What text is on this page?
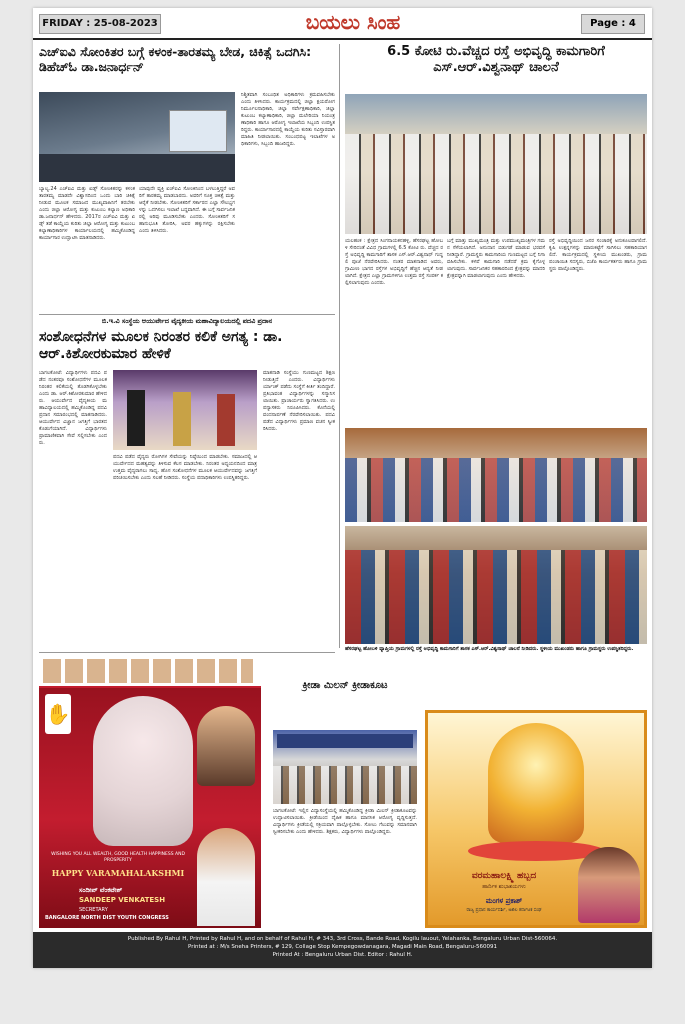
FRIDAY : 25-08-2023	ಬಯಲು ಸಿಂಹ	Page : 4
ಎಚ್‌ಐವಿ ಸೋಂಕಿತರ ಬಗ್ಗೆ ಕಳಂಕ-ತಾರತಮ್ಯ ಬೇಡ, ಚಿಕಿತ್ಸೆ ಒದಗಿಸಿ: ಡಿಹೆಚ್‌ಓ ಡಾ.ಜನಾರ್ಧನ್
ನಿಶ್ಚಿತವಾಗಿ ಸಂಬಂಧಿತ ಅಧಿಕಾರಿಗಳು ಕ್ರಮವಹಿಸಬೇಕು ಎಂದು ತಿಳಿಸಿದರು. ಕಾರ್ಯಕ್ರಮದಲ್ಲಿ ಜಿಲ್ಲಾ ಕ್ಷಯರೋಗ ನಿರ್ಮೂಲನಾಧಿಕಾರಿ, ಜಿಲ್ಲಾ ಸರ್ವೇಕ್ಷಣಾಧಿಕಾರಿ, ಜಿಲ್ಲಾ ಕುಟುಂಬ ಕಲ್ಯಾಣಾಧಿಕಾರಿ, ಜಿಲ್ಲಾ ಮಲೇರಿಯಾ ನಿಯಂತ್ರಣಾಧಿಕಾರಿ ಹಾಗೂ ಆರೋಗ್ಯ ಇಲಾಖೆಯ ಸಿಬ್ಬಂದಿ ಉಪಸ್ಥಿತರಿದ್ದರು. ಕಾರ್ಯಾಗಾರದಲ್ಲಿ ಕಾಯ್ದೆಯ ಕುರಿತು ಸವಿಸ್ತಾರವಾಗಿ ಮಾಹಿತಿ ನೀಡಲಾಯಿತು. ಸಂಬಂಧಪಟ್ಟ ಇಲಾಖೆಗಳ ಅಧಿಕಾರಿಗಳು, ಸಿಬ್ಬಂದಿ ಹಾಜರಿದ್ದರು.
ಬ್ಯಾಲ್ಯ.24 ಎಚ್‌ಐವಿ ಮತ್ತು ಏಡ್ಸ್ ಸೋಂಕಿತರನ್ನು ಕಳಂಕ ತಾರತಮ್ಯ ಮಾಡದೇ ವಿಶ್ವಾಸದಿಂದ ಒಂದು ಬಾರಿ ಚಿಕಿತ್ಸೆ ನೀಡುವ ಮೂಲಕ ಸಮಾಜದ ಮುಖ್ಯವಾಹಿನಿಗೆ ತರಬೇಕು ಎಂದು ಜಿಲ್ಲಾ ಆರೋಗ್ಯ ಮತ್ತು ಕುಟುಂಬ ಕಲ್ಯಾಣ ಅಧಿಕಾರಿ ಡಾ.ಜನಾರ್ಧನ್ ಹೇಳಿದರು. 2017ರ ಎಚ್‌ಐವಿ ಮತ್ತು ಏಡ್ಸ್ ತಡೆ ಕಾಯ್ದೆಯ ಕುರಿತು ಜಿಲ್ಲಾ ಆರೋಗ್ಯ ಮತ್ತು ಕುಟುಂಬ ಕಲ್ಯಾಣಾಧಿಕಾರಿಗಳ ಕಾರ್ಯಾಲಯದಲ್ಲಿ ಹಮ್ಮಿಕೊಂಡಿದ್ದ ಕಾರ್ಯಾಗಾರ ಉದ್ಘಾಟಿಸಿ ಮಾತನಾಡಿದರು.
ಯಾವುದೇ ವ್ಯಕ್ತಿ ಏಚ್‌ಐವಿ ಸೋಂಕಿನಿಂದ ಬಳಲುತ್ತಿದ್ದರೆ ಅವರಿಗೆ ತಾರತಮ್ಯ ಮಾಡಬಾರದು. ಅವರಿಗೆ ಸೂಕ್ತ ಚಿಕಿತ್ಸೆ ಮತ್ತು ಆರೈಕೆ ನೀಡಬೇಕು. ಸೋಂಕಿತರಿಗೆ ಸರ್ಕಾರದ ಎಲ್ಲಾ ಸೌಲಭ್ಯಗಳನ್ನು ಒದಗಿಸಲು ಇಲಾಖೆ ಬದ್ಧವಾಗಿದೆ. ಈ ಬಗ್ಗೆ ಸಾರ್ವಜನಿಕರಲ್ಲಿ ಅರಿವು ಮೂಡಿಸಬೇಕು ಎಂದರು. ಸೋಂಕಿತರಿಗೆ ಸಹಾನುಭೂತಿ ತೋರಿಸಿ, ಅವರ ಹಕ್ಕುಗಳನ್ನು ರಕ್ಷಿಸಬೇಕು ಎಂದು ತಿಳಿಸಿದರು.
ಬಿ.ಇ.ವಿ ಸಂಸ್ಥೆಯ ಆಯುರ್ವೇದ ವೈದ್ಯಕೀಯ ಮಹಾವಿದ್ಯಾಲಯದಲ್ಲಿ ಪದವಿ ಪ್ರದಾನ
ಸಂಶೋಧನೆಗಳ ಮೂಲಕ ನಿರಂತರ ಕಲಿಕೆ ಅಗತ್ಯ : ಡಾ. ಆರ್.ಕಿಶೋರಕುಮಾರ ಹೇಳಿಕೆ
ಬಾಗಲಕೋಟೆ: ವಿದ್ಯಾರ್ಥಿಗಳು ಪದವಿ ಪಡೆದ ನಂತರವೂ ಸಂಶೋಧನೆಗಳ ಮೂಲಕ ನಿರಂತರ ಕಲಿಕೆಯಲ್ಲಿ ತೊಡಗಿಕೊಳ್ಳಬೇಕು ಎಂದು ಡಾ. ಆರ್.ಕಿಶೋರಕುಮಾರ ಹೇಳಿದರು. ಆಯುರ್ವೇದ ವೈದ್ಯಕೀಯ ಮಹಾವಿದ್ಯಾಲಯದಲ್ಲಿ ಹಮ್ಮಿಕೊಂಡಿದ್ದ ಪದವಿ ಪ್ರದಾನ ಸಮಾರಂಭದಲ್ಲಿ ಮಾತನಾಡಿದರು. ಆಯುರ್ವೇದ ವಿಜ್ಞಾನ ಜಗತ್ತಿಗೆ ಭಾರತದ ಕೊಡುಗೆಯಾಗಿದೆ. ವಿದ್ಯಾರ್ಥಿಗಳು ಪ್ರಾಮಾಣಿಕವಾಗಿ ಸೇವೆ ಸಲ್ಲಿಸಬೇಕು ಎಂದರು.
ಮಾತನಾಡಿ ಸಂಸ್ಥೆಯು ಗುಣಮಟ್ಟದ ಶಿಕ್ಷಣ ನೀಡುತ್ತಿದೆ ಎಂದರು. ವಿದ್ಯಾರ್ಥಿಗಳು ರ್ಯಾಂಕ್ ಪಡೆದು ಸಂಸ್ಥೆಗೆ ಕೀರ್ತಿ ತಂದಿದ್ದಾರೆ. ಪ್ರತಿಭಾವಂತ ವಿದ್ಯಾರ್ಥಿಗಳನ್ನು ಸನ್ಮಾನಿಸಲಾಯಿತು. ಪ್ರಾಚಾರ್ಯರು ಸ್ವಾಗತಿಸಿದರು. ಉಪನ್ಯಾಸಕರು ನಿರೂಪಿಸಿದರು. ಕೊನೆಯಲ್ಲಿ ವಂದನಾರ್ಪಣೆ ನೆರವೇರಿಸಲಾಯಿತು. ಪದವಿ ಪಡೆದ ವಿದ್ಯಾರ್ಥಿಗಳು ಪ್ರಮಾಣ ವಚನ ಸ್ವೀಕರಿಸಿದರು.
ಪದವಿ ಪಡೆದ ವೈದ್ಯರು ರೋಗಿಗಳ ಸೇವೆಯನ್ನು ನಿಷ್ಠೆಯಿಂದ ಮಾಡಬೇಕು. ಸಮಾಜದಲ್ಲಿ ಆಯುರ್ವೇದದ ಮಹತ್ವವನ್ನು ತಿಳಿಸುವ ಕೆಲಸ ಮಾಡಬೇಕು. ನಿರಂತರ ಅಧ್ಯಯನದಿಂದ ಮಾತ್ರ ಉತ್ತಮ ವೈದ್ಯರಾಗಲು ಸಾಧ್ಯ. ಹೊಸ ಸಂಶೋಧನೆಗಳ ಮೂಲಕ ಆಯುರ್ವೇದವನ್ನು ಜಗತ್ತಿಗೆ ಪರಿಚಯಿಸಬೇಕು ಎಂದು ಸಲಹೆ ನೀಡಿದರು. ಸಂಸ್ಥೆಯ ಪದಾಧಿಕಾರಿಗಳು ಉಪಸ್ಥಿತರಿದ್ದರು.
6.5 ಕೋಟಿ ರು.ವೆಚ್ಚದ ರಸ್ತೆ ಅಭಿವೃದ್ಧಿ ಕಾಮಗಾರಿಗೆ ಎಸ್.ಆರ್.ವಿಶ್ವನಾಥ್ ಚಾಲನೆ
ಯಲಹಂಕ : ಕ್ಷೇತ್ರದ ಸಿಂಗನಾಯಕನಹಳ್ಳಿ, ಹೆಸರಘಟ್ಟ ಹೋಬಳಿ ಸೇರಿದಂತೆ ವಿವಿಧ ಗ್ರಾಮಗಳಲ್ಲಿ 6.5 ಕೋಟಿ ರು. ವೆಚ್ಚದ ರಸ್ತೆ ಅಭಿವೃದ್ಧಿ ಕಾಮಗಾರಿಗೆ ಶಾಸಕ ಎಸ್.ಆರ್.ವಿಶ್ವನಾಥ್ ಗುದ್ದಲಿ ಪೂಜೆ ನೆರವೇರಿಸಿದರು. ನಂತರ ಮಾತನಾಡಿದ ಅವರು, ಗ್ರಾಮೀಣ ಭಾಗದ ರಸ್ತೆಗಳ ಅಭಿವೃದ್ಧಿಗೆ ಹೆಚ್ಚಿನ ಆದ್ಯತೆ ನೀಡಲಾಗಿದೆ. ಕ್ಷೇತ್ರದ ಎಲ್ಲಾ ಗ್ರಾಮಗಳಿಗೂ ಉತ್ತಮ ರಸ್ತೆ ಸಂಪರ್ಕ ಕಲ್ಪಿಸಲಾಗುವುದು ಎಂದರು.
ಬಗ್ಗೆ ಮಾತ್ತು ಮುಖ್ಯಮಂತ್ರಿ ಮತ್ತು ಉಪಮುಖ್ಯಮಂತ್ರಿಗಳ ಗಮನ ಸೆಳೆಯಲಾಗಿದೆ. ಅನುದಾನ ಬಿಡುಗಡೆ ಮಾಡುವ ಭರವಸೆ ನೀಡಿದ್ದಾರೆ. ಗ್ರಾಮಸ್ಥರು ಕಾಮಗಾರಿಯ ಗುಣಮಟ್ಟದ ಬಗ್ಗೆ ನಿಗಾ ವಹಿಸಬೇಕು. ಕಳಪೆ ಕಾಮಗಾರಿ ನಡೆದರೆ ಕ್ರಮ ಕೈಗೊಳ್ಳಲಾಗುವುದು. ಸಾರ್ವಜನಿಕರ ಸಹಕಾರದಿಂದ ಕ್ಷೇತ್ರವನ್ನು ಮಾದರಿ ಕ್ಷೇತ್ರವನ್ನಾಗಿ ಮಾಡಲಾಗುವುದು ಎಂದು ಹೇಳಿದರು.
ರಸ್ತೆ ಅಭಿವೃದ್ಧಿಯಿಂದ ಜನರ ಸಂಚಾರಕ್ಕೆ ಅನುಕೂಲವಾಗಲಿದೆ. ಕೃಷಿ ಉತ್ಪನ್ನಗಳನ್ನು ಮಾರುಕಟ್ಟೆಗೆ ಸಾಗಿಸಲು ಸಹಕಾರಿಯಾಗಲಿದೆ. ಕಾರ್ಯಕ್ರಮದಲ್ಲಿ ಸ್ಥಳೀಯ ಮುಖಂಡರು, ಗ್ರಾಮ ಪಂಚಾಯಿತಿ ಸದಸ್ಯರು, ಬಿಜೆಪಿ ಕಾರ್ಯಕರ್ತರು ಹಾಗೂ ಗ್ರಾಮಸ್ಥರು ಪಾಲ್ಗೊಂಡಿದ್ದರು.
ಹೆಸರಘಟ್ಟ ಹೋಬಳಿ ವ್ಯಾಪ್ತಿಯ ಗ್ರಾಮಗಳಲ್ಲಿ ರಸ್ತೆ ಅಭಿವೃದ್ಧಿ ಕಾಮಗಾರಿಗೆ ಶಾಸಕ ಎಸ್.ಆರ್.ವಿಶ್ವನಾಥ್ ಚಾಲನೆ ನೀಡಿದರು. ಸ್ಥಳೀಯ ಮುಖಂಡರು ಹಾಗೂ ಗ್ರಾಮಸ್ಥರು ಉಪಸ್ಥಿತರಿದ್ದರು.
✋
WISHING YOU ALL WEALTH, GOOD HEALTH HAPPINESS AND PROSPERITY
HAPPY VARAMAHALAKSHMI
ಸಂದೀಪ್ ವೆಂಕಟೇಶ್
SANDEEP VENKATESH
SECRETARY
BANGALORE NORTH DIST YOUTH CONGRESS
ಕ್ರೀಡಾ ಮಿಲನ್ ಕ್ರೀಡಾಕೂಟ
ಬಾಗಲಕೋಟೆ: ಇಲ್ಲಿನ ವಿದ್ಯಾಸಂಸ್ಥೆಯಲ್ಲಿ ಹಮ್ಮಿಕೊಂಡಿದ್ದ ಕ್ರೀಡಾ ಮಿಲನ್ ಕ್ರೀಡಾಕೂಟವನ್ನು ಉದ್ಘಾಟಿಸಲಾಯಿತು. ಕ್ರೀಡೆಯಿಂದ ದೈಹಿಕ ಹಾಗೂ ಮಾನಸಿಕ ಆರೋಗ್ಯ ವೃದ್ಧಿಸುತ್ತದೆ. ವಿದ್ಯಾರ್ಥಿಗಳು ಕ್ರೀಡೆಯಲ್ಲಿ ಸಕ್ರಿಯವಾಗಿ ಪಾಲ್ಗೊಳ್ಳಬೇಕು. ಸೋಲು ಗೆಲುವನ್ನು ಸಮಾನವಾಗಿ ಸ್ವೀಕರಿಸಬೇಕು ಎಂದು ಹೇಳಿದರು. ಶಿಕ್ಷಕರು, ವಿದ್ಯಾರ್ಥಿಗಳು ಪಾಲ್ಗೊಂಡಿದ್ದರು.
ವರಮಹಾಲಕ್ಷ್ಮಿ ಹಬ್ಬದ
ಹಾರ್ದಿಕ ಶುಭಾಶಯಗಳು
ಮಂಗಳ ಪ್ರಕಾಶ್
ರಾಜ್ಯ ಪ್ರಧಾನ ಕಾರ್ಯದರ್ಶಿ, ಅಖಿಲ ಕರ್ನಾಟಕ ಸಂಘ
Published By Rahul H, Printed by Rahul H, and on behalf of Rahul H, # 343, 3rd Cross, Bande Road, Kogilu lauout, Yelahanka, Bengaluru Urban Dist-560064.
Printed at : M/s Sneha Printers, # 129, Collage Stop Kempegowdanagara, Magadi Main Road, Bengaluru-560091
Printed At : Bengaluru Urban Dist. Editor : Rahul H.
